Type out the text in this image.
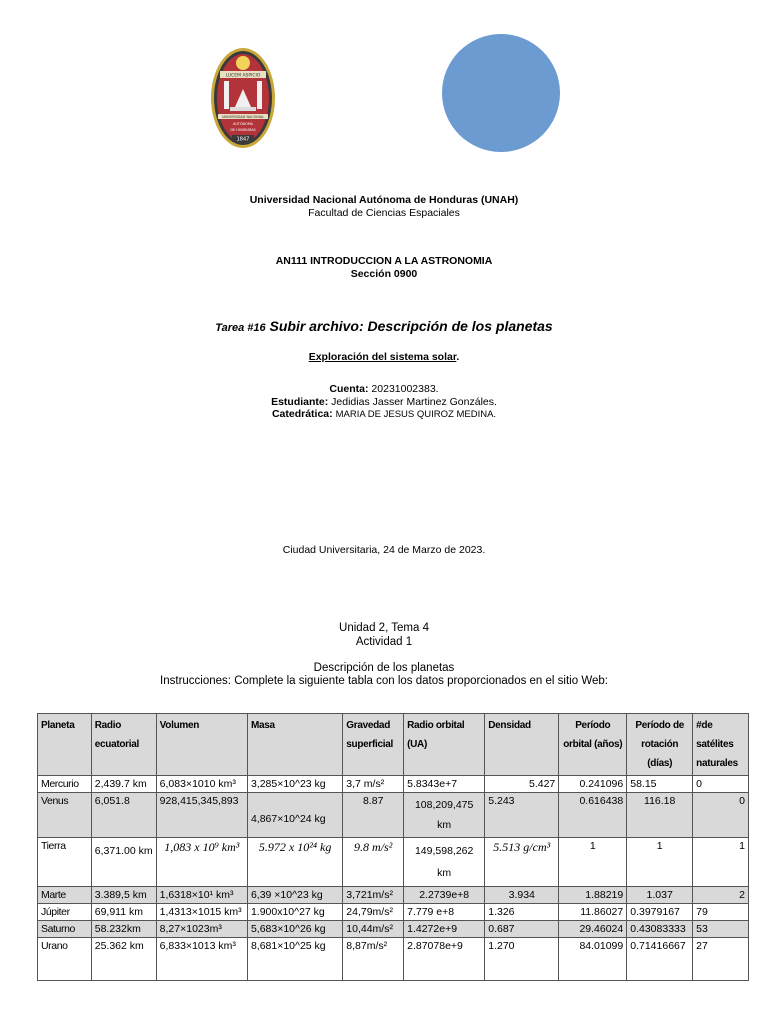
LUCEM ASPICIO
UNIVERSIDAD NACIONAL
AUTÓNOMA
DE HONDURAS
1847
Universidad Nacional Autónoma de Honduras (UNAH)
Facultad de Ciencias Espaciales
AN111 INTRODUCCION A LA ASTRONOMIA
Sección 0900
Tarea #16 Subir archivo: Descripción de los planetas
Exploración del sistema solar.
Cuenta: 20231002383.
Estudiante: Jedidias Jasser Martinez Gonzáles.
Catedrática: MARIA DE JESUS QUIROZ MEDINA.
Ciudad Universitaria, 24 de Marzo de 2023.
Unidad 2, Tema 4
Actividad 1
Descripción de los planetas
Instrucciones: Complete la siguiente tabla con los datos proporcionados en el sitio Web:
Planeta	Radio ecuatorial	Volumen	Masa	Gravedad superficial	Radio orbital (UA)	Densidad	Período orbital (años)	Período de rotación (días)	#de satélites naturales
Mercurio	2,439.7 km	6,083×1010 km³	3,285×10^23 kg	3,7 m/s²	5.8343e+7	5.427	0.241096	58.15	0
Venus	6,051.8	928,415,345,893	4,867×10^24 kg	8.87	108,209,475 km	5.243	0.616438	116.18	0
Tierra	6,371.00 km	1,083 x 10⁹ km³	5.972 x 10²⁴ kg	9.8 m/s²	149,598,262 km	5.513 g/cm³	1	1	1
Marte	3.389,5 km	1,6318×10¹ km³	6,39 ×10^23 kg	3,721m/s²	2.2739e+8	3.934	1.88219	1.037	2
Júpiter	69,911 km	1,4313×1015 km³	1.900x10^27 kg	24,79m/s²	7.779 e+8	1.326	11.86027	0.3979167	79
Saturno	58.232km	8,27×1023m³	5,683×10^26 kg	10,44m/s²	1.4272e+9	0.687	29.46024	0.43083333	53
Urano	25.362 km	6,833×1013 km³	8,681×10^25 kg	8,87m/s²	2.87078e+9	1.270	84.01099	0.71416667	27
